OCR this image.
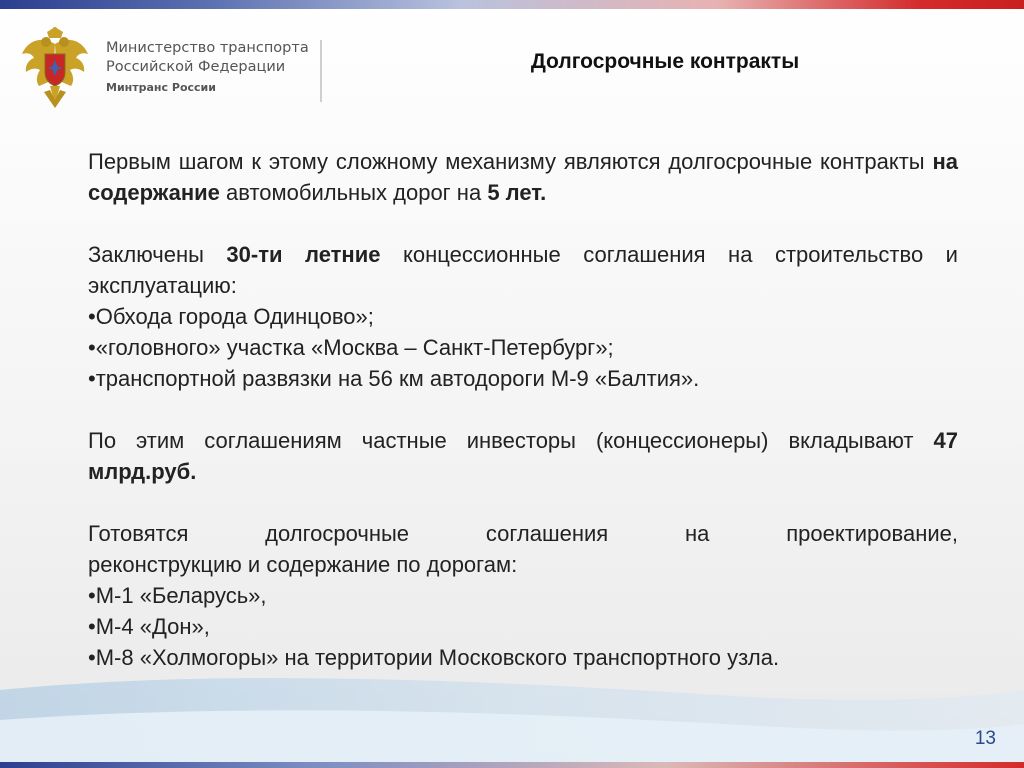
Министерство транспорта
Российской Федерации
Минтранс России
Долгосрочные контракты

Первым шагом к этому сложному механизму являются долгосрочные контракты на содержание автомобильных дорог на 5 лет.

Заключены 30-ти летние концессионные соглашения на строительство и эксплуатацию:

•Обхода города Одинцово»;

•«головного» участка «Москва – Санкт-Петербург»;

•транспортной развязки на 56 км автодороги М-9 «Балтия».

По этим соглашениям частные инвесторы (концессионеры) вкладывают 47 млрд.руб.

Готовятся	долгосрочные	соглашения	на	проектирование,

реконструкцию и содержание по дорогам:

•М-1 «Беларусь»,

•М-4 «Дон»,

•М-8 «Холмогоры» на территории Московского транспортного узла.

13
